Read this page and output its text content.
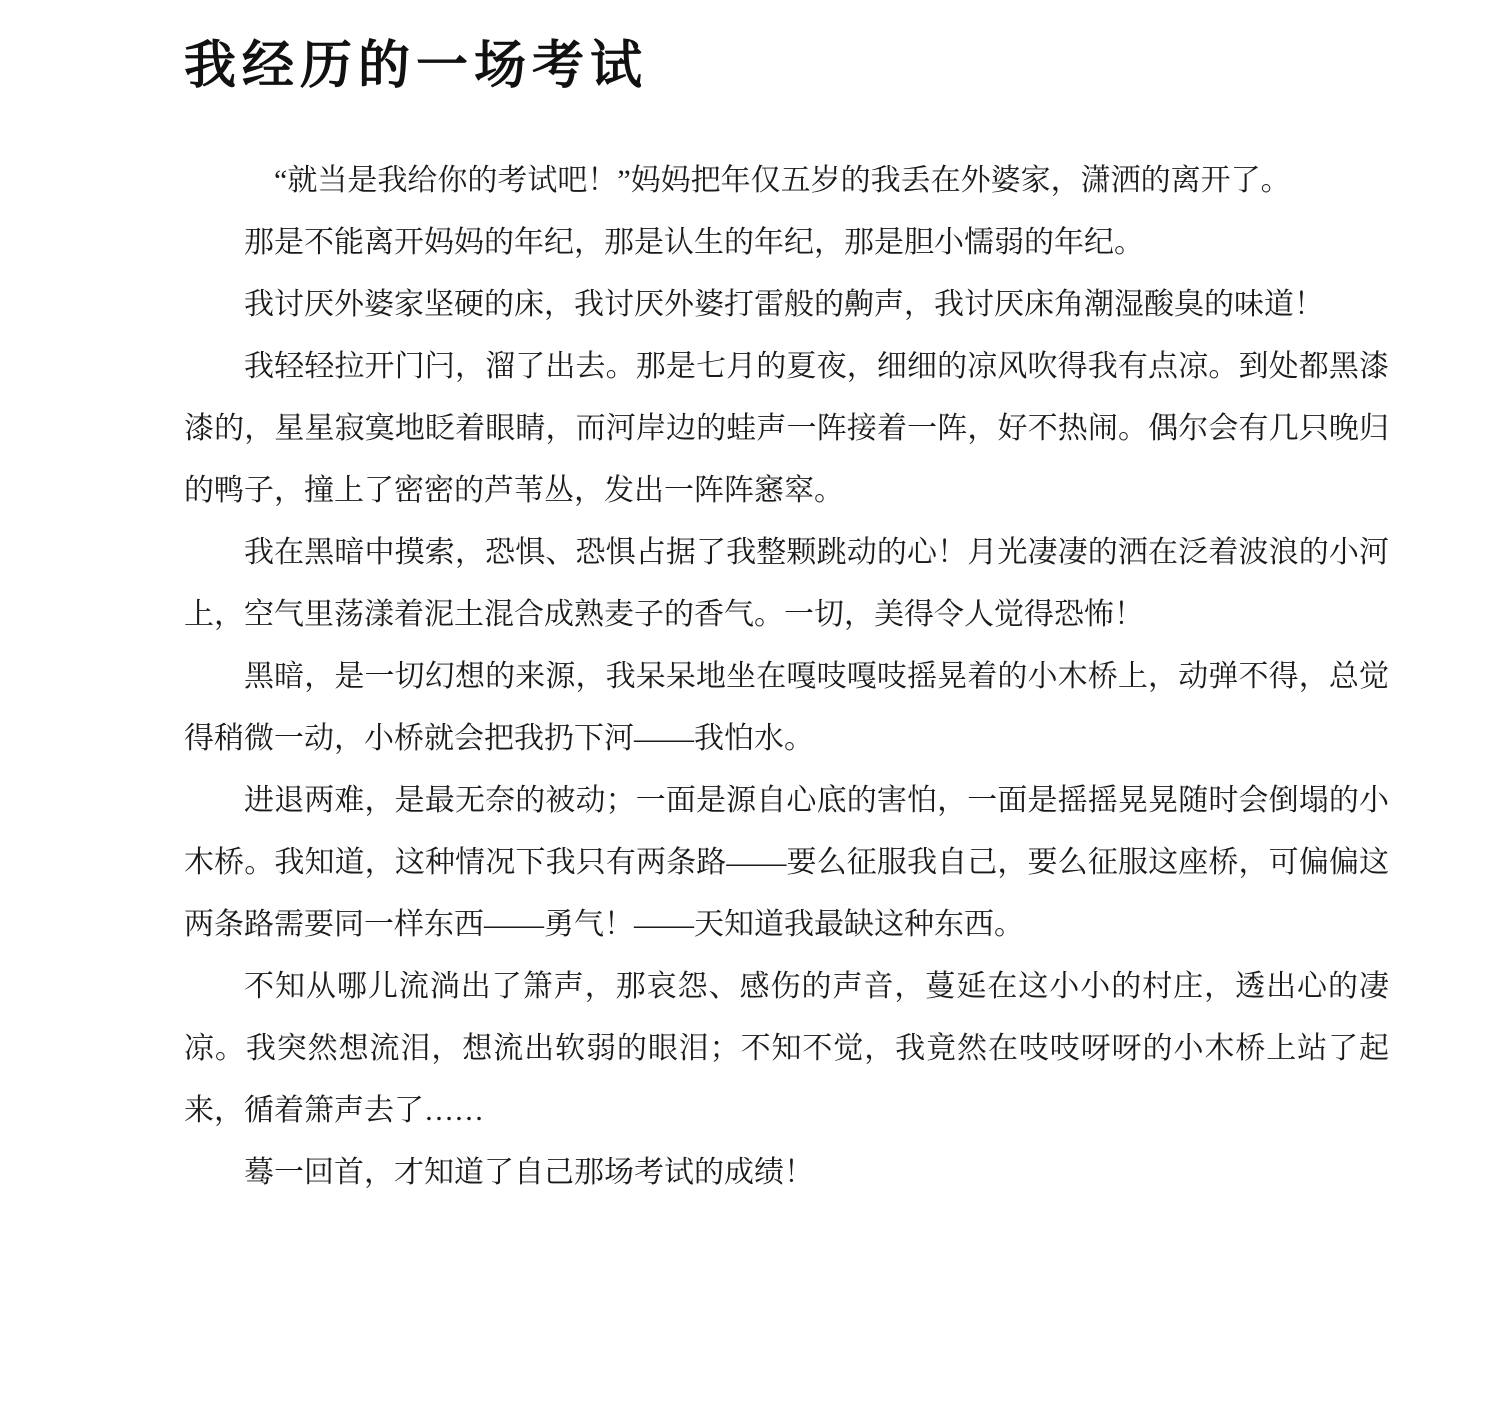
我经历的一场考试

“就当是我给你的考试吧！”妈妈把年仅五岁的我丢在外婆家，潇洒的离开了。

那是不能离开妈妈的年纪，那是认生的年纪，那是胆小懦弱的年纪。

我讨厌外婆家坚硬的床，我讨厌外婆打雷般的齁声，我讨厌床角潮湿酸臭的味道！

我轻轻拉开门闩，溜了出去。那是七月的夏夜，细细的凉风吹得我有点凉。到处都黑漆漆的，星星寂寞地眨着眼睛，而河岸边的蛙声一阵接着一阵，好不热闹。偶尔会有几只晚归的鸭子，撞上了密密的芦苇丛，发出一阵阵窸窣。

我在黑暗中摸索，恐惧、恐惧占据了我整颗跳动的心！月光凄凄的洒在泛着波浪的小河上，空气里荡漾着泥土混合成熟麦子的香气。一切，美得令人觉得恐怖！

黑暗，是一切幻想的来源，我呆呆地坐在嘎吱嘎吱摇晃着的小木桥上，动弹不得，总觉得稍微一动，小桥就会把我扔下河——我怕水。

进退两难，是最无奈的被动；一面是源自心底的害怕，一面是摇摇晃晃随时会倒塌的小木桥。我知道，这种情况下我只有两条路——要么征服我自己，要么征服这座桥，可偏偏这两条路需要同一样东西——勇气！——天知道我最缺这种东西。

不知从哪儿流淌出了箫声，那哀怨、感伤的声音，蔓延在这小小的村庄，透出心的凄凉。我突然想流泪，想流出软弱的眼泪；不知不觉，我竟然在吱吱呀呀的小木桥上站了起来，循着箫声去了……

蓦一回首，才知道了自己那场考试的成绩！
